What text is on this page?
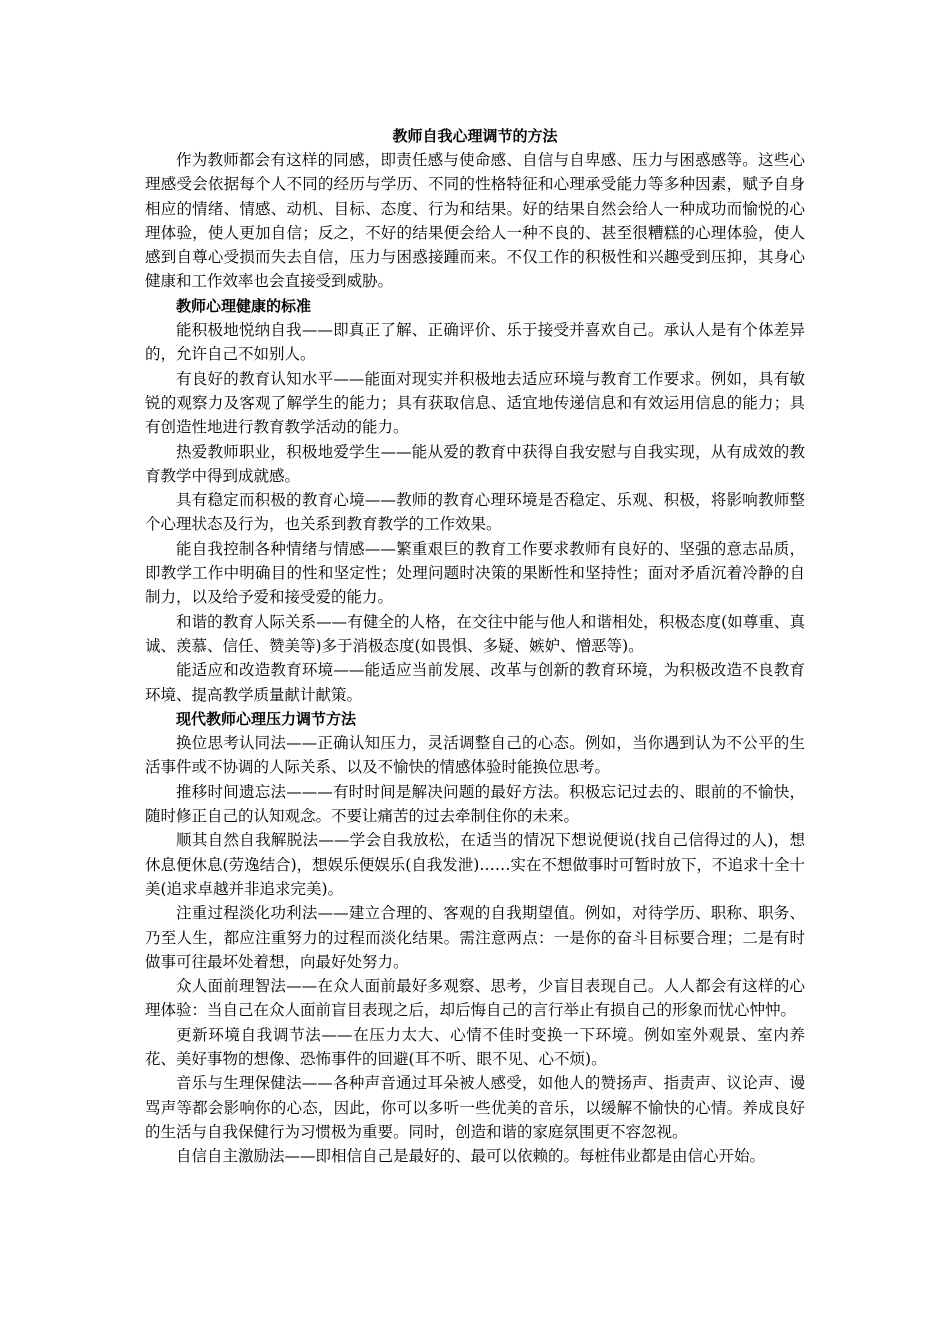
教师自我心理调节的方法

作为教师都会有这样的同感，即责任感与使命感、自信与自卑感、压力与困惑感等。这些心理感受会依据每个人不同的经历与学历、不同的性格特征和心理承受能力等多种因素，赋予自身相应的情绪、情感、动机、目标、态度、行为和结果。好的结果自然会给人一种成功而愉悦的心理体验，使人更加自信；反之，不好的结果便会给人一种不良的、甚至很糟糕的心理体验，使人感到自尊心受损而失去自信，压力与困惑接踵而来。不仅工作的积极性和兴趣受到压抑，其身心健康和工作效率也会直接受到威胁。

教师心理健康的标准

能积极地悦纳自我——即真正了解、正确评价、乐于接受并喜欢自己。承认人是有个体差异的，允许自己不如别人。

有良好的教育认知水平——能面对现实并积极地去适应环境与教育工作要求。例如，具有敏锐的观察力及客观了解学生的能力；具有获取信息、适宜地传递信息和有效运用信息的能力；具有创造性地进行教育教学活动的能力。

热爱教师职业，积极地爱学生——能从爱的教育中获得自我安慰与自我实现，从有成效的教育教学中得到成就感。

具有稳定而积极的教育心境——教师的教育心理环境是否稳定、乐观、积极，将影响教师整个心理状态及行为，也关系到教育教学的工作效果。

能自我控制各种情绪与情感——繁重艰巨的教育工作要求教师有良好的、坚强的意志品质，即教学工作中明确目的性和坚定性；处理问题时决策的果断性和坚持性；面对矛盾沉着冷静的自制力，以及给予爱和接受爱的能力。

和谐的教育人际关系——有健全的人格，在交往中能与他人和谐相处，积极态度(如尊重、真诚、羡慕、信任、赞美等)多于消极态度(如畏惧、多疑、嫉妒、憎恶等)。

能适应和改造教育环境——能适应当前发展、改革与创新的教育环境，为积极改造不良教育环境、提高教学质量献计献策。

现代教师心理压力调节方法

换位思考认同法——正确认知压力，灵活调整自己的心态。例如，当你遇到认为不公平的生活事件或不协调的人际关系、以及不愉快的情感体验时能换位思考。

推移时间遗忘法———有时时间是解决问题的最好方法。积极忘记过去的、眼前的不愉快，随时修正自己的认知观念。不要让痛苦的过去牵制住你的未来。

顺其自然自我解脱法——学会自我放松，在适当的情况下想说便说(找自己信得过的人)，想休息便休息(劳逸结合)，想娱乐便娱乐(自我发泄)……实在不想做事时可暂时放下，不追求十全十美(追求卓越并非追求完美)。

注重过程淡化功利法——建立合理的、客观的自我期望值。例如，对待学历、职称、职务、乃至人生，都应注重努力的过程而淡化结果。需注意两点：一是你的奋斗目标要合理；二是有时做事可往最坏处着想，向最好处努力。

众人面前理智法——在众人面前最好多观察、思考，少盲目表现自己。人人都会有这样的心理体验：当自己在众人面前盲目表现之后，却后悔自己的言行举止有损自己的形象而忧心忡忡。

更新环境自我调节法——在压力太大、心情不佳时变换一下环境。例如室外观景、室内养花、美好事物的想像、恐怖事件的回避(耳不听、眼不见、心不烦)。

音乐与生理保健法——各种声音通过耳朵被人感受，如他人的赞扬声、指责声、议论声、谩骂声等都会影响你的心态，因此，你可以多听一些优美的音乐，以缓解不愉快的心情。养成良好的生活与自我保健行为习惯极为重要。同时，创造和谐的家庭氛围更不容忽视。

自信自主激励法——即相信自己是最好的、最可以依赖的。每桩伟业都是由信心开始。
